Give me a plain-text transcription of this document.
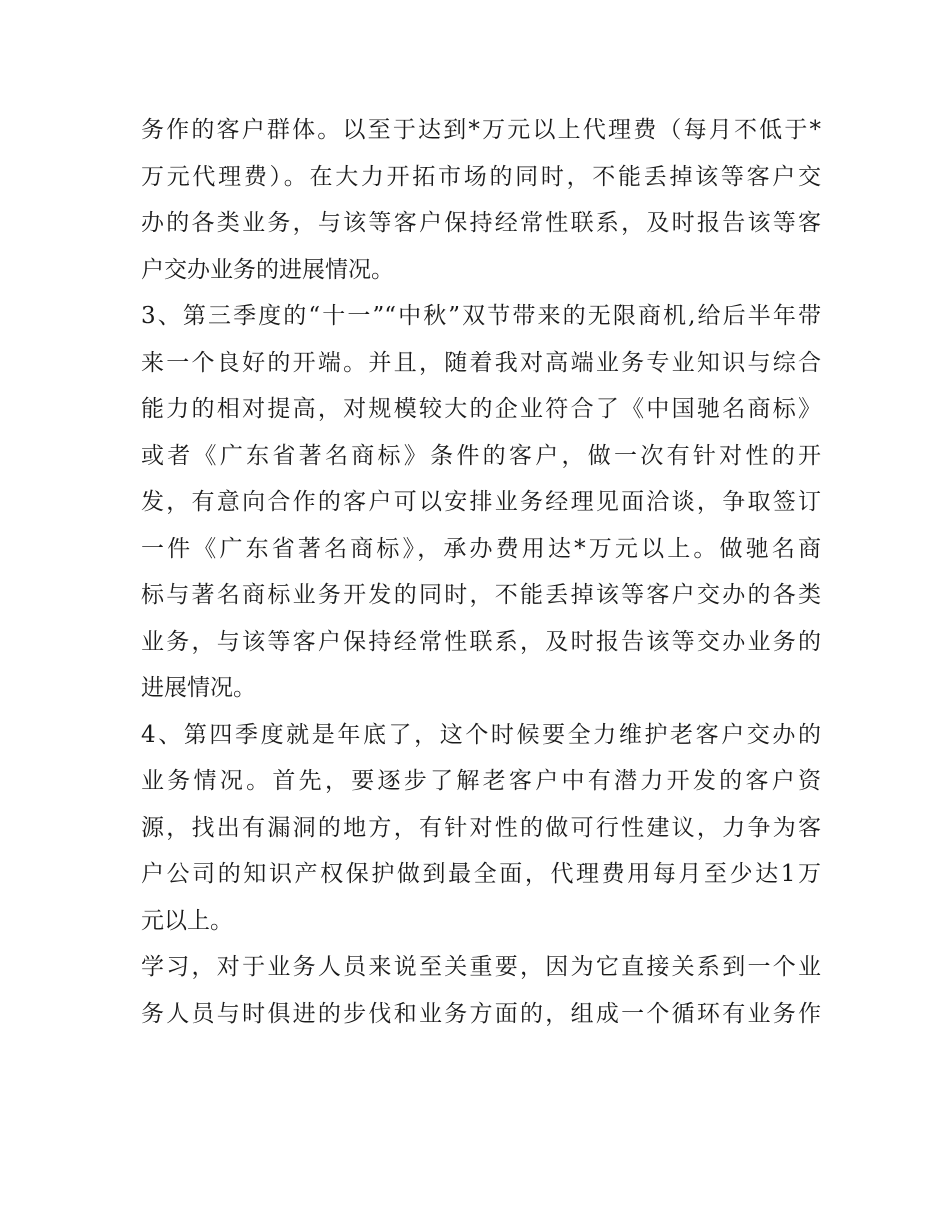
务作的客户群体。以至于达到*万元以上代理费（每月不低于*
万元代理费）。在大力开拓市场的同时，不能丢掉该等客户交
办的各类业务，与该等客户保持经常性联系，及时报告该等客
户交办业务的进展情况。
3、第三季度的“十一”“中秋”双节带来的无限商机,给后半年带
来一个良好的开端。并且，随着我对高端业务专业知识与综合
能力的相对提高，对规模较大的企业符合了《中国驰名商标》
或者《广东省著名商标》条件的客户，做一次有针对性的开
发，有意向合作的客户可以安排业务经理见面洽谈，争取签订
一件《广东省著名商标》，承办费用达*万元以上。做驰名商
标与著名商标业务开发的同时，不能丢掉该等客户交办的各类
业务，与该等客户保持经常性联系，及时报告该等交办业务的
进展情况。
4、第四季度就是年底了，这个时候要全力维护老客户交办的
业务情况。首先，要逐步了解老客户中有潜力开发的客户资
源，找出有漏洞的地方，有针对性的做可行性建议，力争为客
户公司的知识产权保护做到最全面，代理费用每月至少达1万
元以上。
学习，对于业务人员来说至关重要，因为它直接关系到一个业
务人员与时俱进的步伐和业务方面的，组成一个循环有业务作
